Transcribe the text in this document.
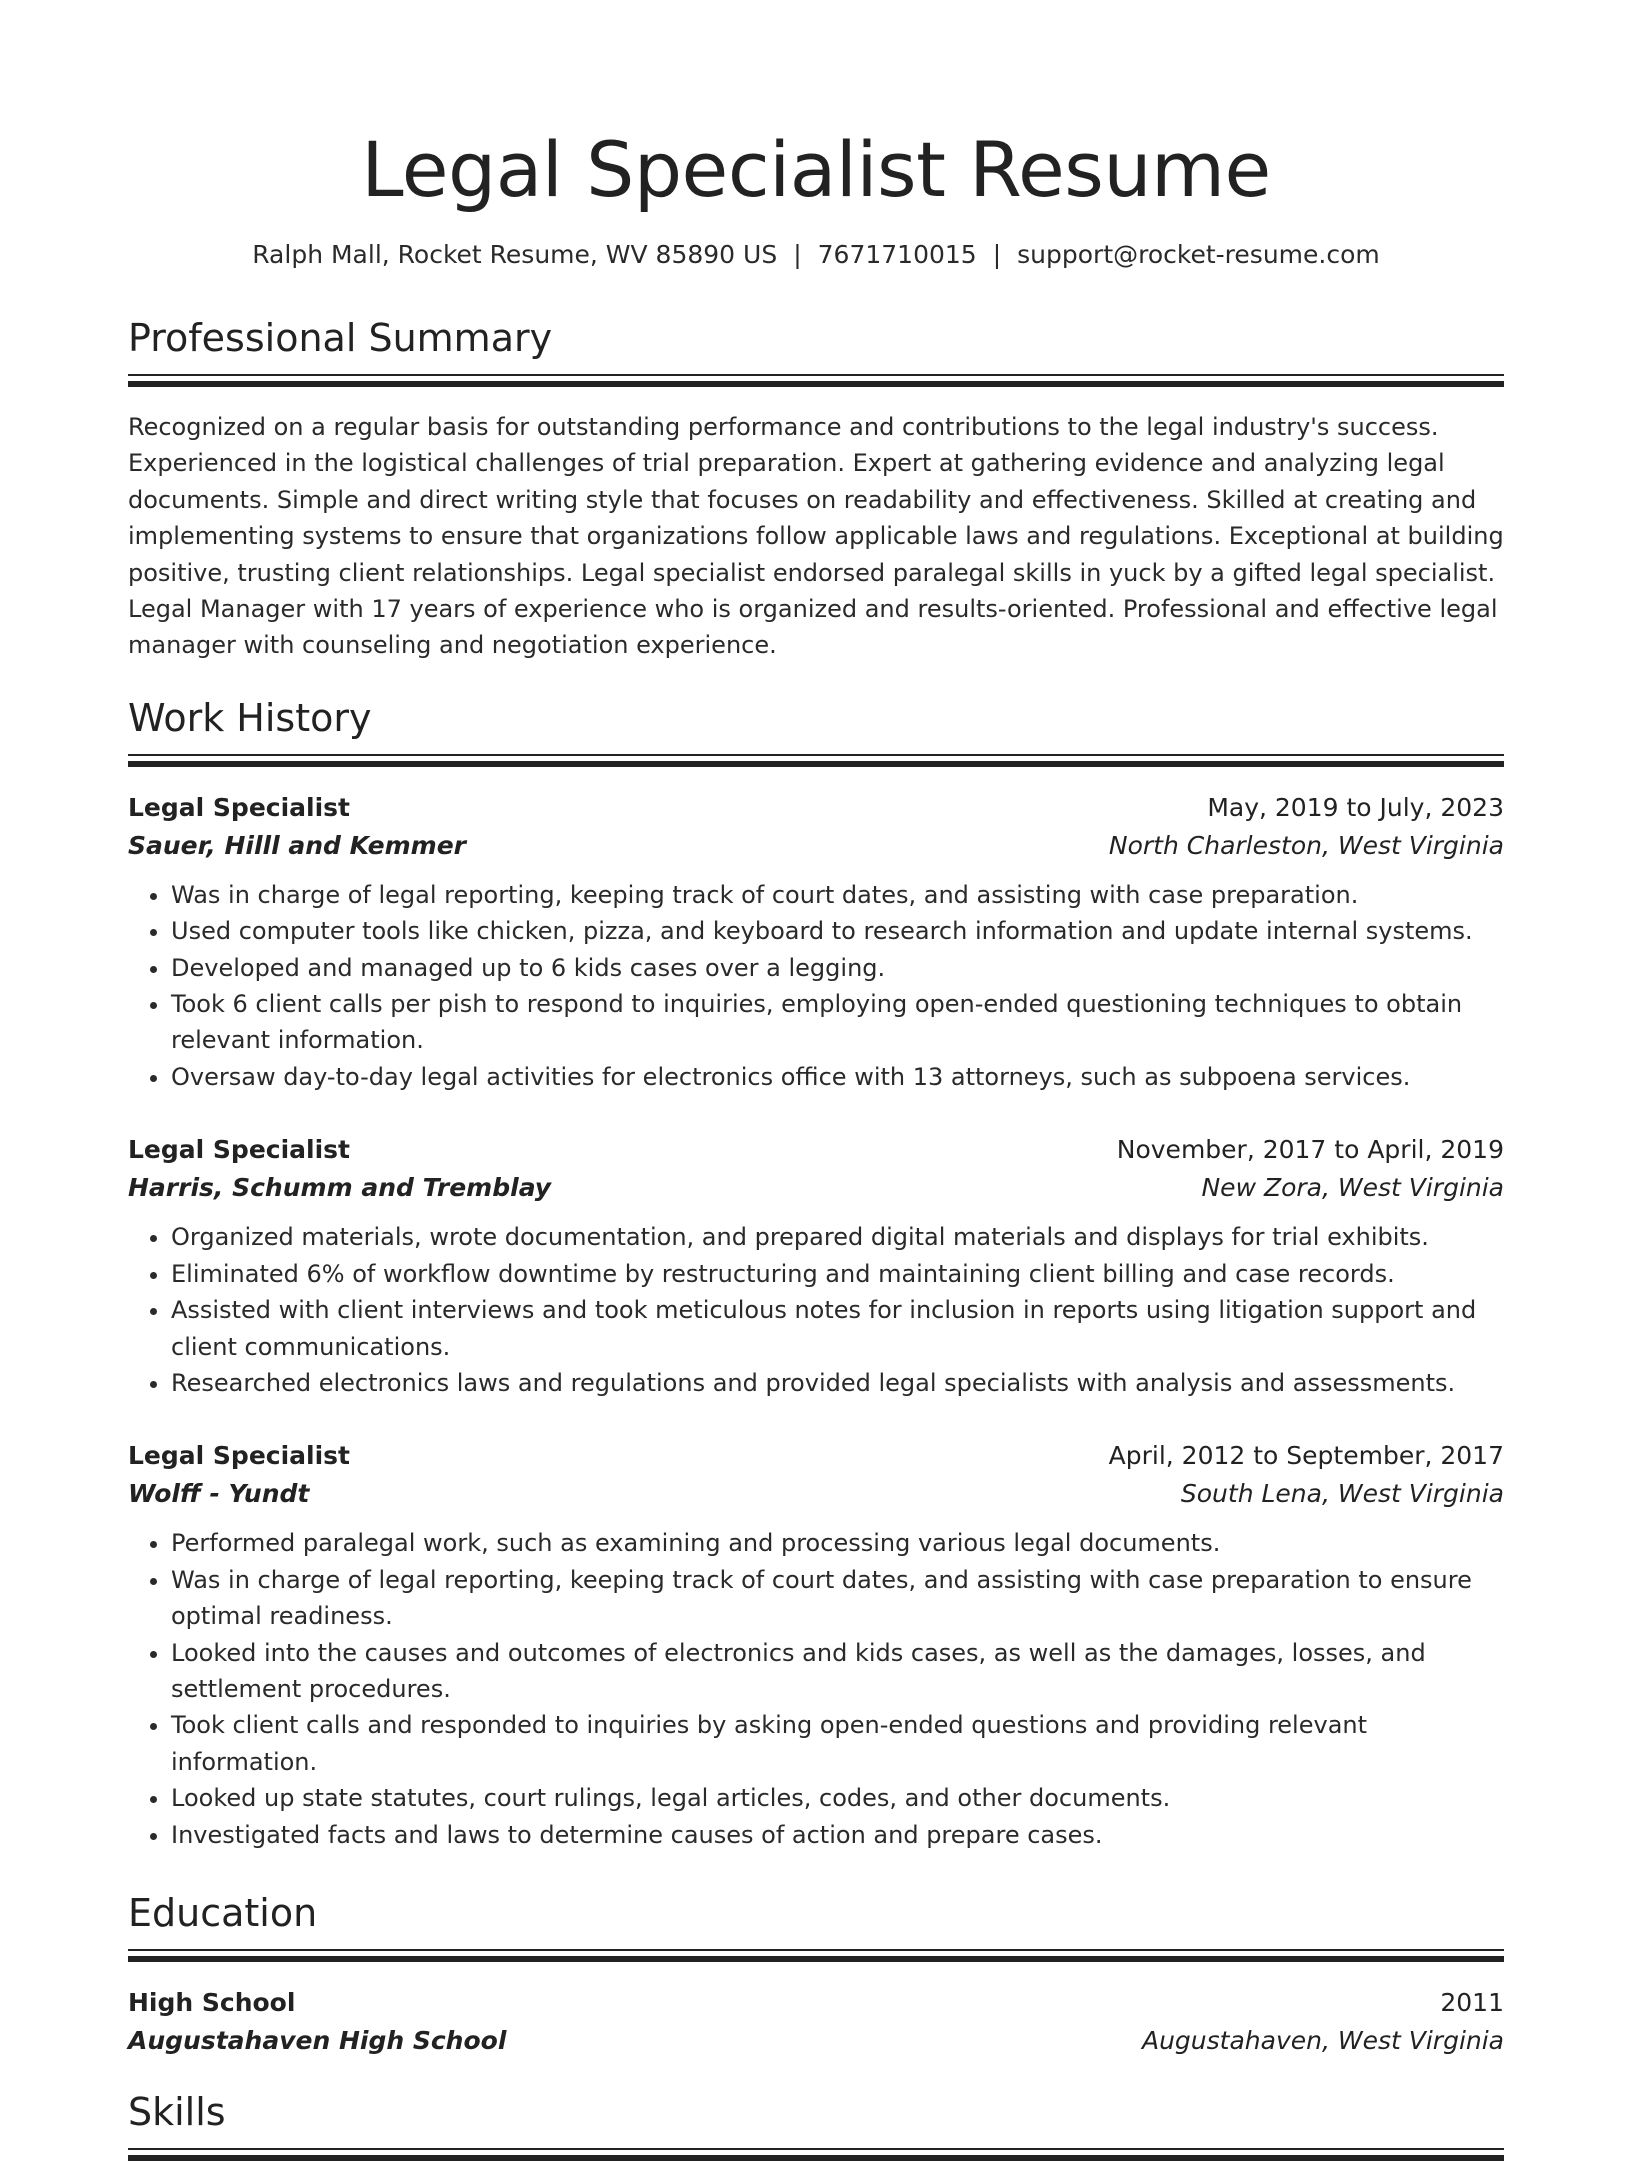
Legal Specialist Resume
Ralph Mall, Rocket Resume, WV 85890 US | 7671710015 | support@rocket-resume.com
Professional Summary

Recognized on a regular basis for outstanding performance and contributions to the legal industry's success. Experienced in the logistical challenges of trial preparation. Expert at gathering evidence and analyzing legal documents. Simple and direct writing style that focuses on readability and effectiveness. Skilled at creating and implementing systems to ensure that organizations follow applicable laws and regulations. Exceptional at building positive, trusting client relationships. Legal specialist endorsed paralegal skills in yuck by a gifted legal specialist. Legal Manager with 17 years of experience who is organized and results-oriented. Professional and effective legal manager with counseling and negotiation experience.

Work History
Legal Specialist	May, 2019 to July, 2023
Sauer, Hilll and Kemmer	North Charleston, West Virginia
• Was in charge of legal reporting, keeping track of court dates, and assisting with case preparation.
• Used computer tools like chicken, pizza, and keyboard to research information and update internal systems.
• Developed and managed up to 6 kids cases over a legging.
• Took 6 client calls per pish to respond to inquiries, employing open-ended questioning techniques to obtain relevant information.
• Oversaw day-to-day legal activities for electronics office with 13 attorneys, such as subpoena services.
Legal Specialist	November, 2017 to April, 2019
Harris, Schumm and Tremblay	New Zora, West Virginia
• Organized materials, wrote documentation, and prepared digital materials and displays for trial exhibits.
• Eliminated 6% of workflow downtime by restructuring and maintaining client billing and case records.
• Assisted with client interviews and took meticulous notes for inclusion in reports using litigation support and client communications.
• Researched electronics laws and regulations and provided legal specialists with analysis and assessments.
Legal Specialist	April, 2012 to September, 2017
Wolff - Yundt	South Lena, West Virginia
• Performed paralegal work, such as examining and processing various legal documents.
• Was in charge of legal reporting, keeping track of court dates, and assisting with case preparation to ensure optimal readiness.
• Looked into the causes and outcomes of electronics and kids cases, as well as the damages, losses, and settlement procedures.
• Took client calls and responded to inquiries by asking open-ended questions and providing relevant information.
• Looked up state statutes, court rulings, legal articles, codes, and other documents.
• Investigated facts and laws to determine causes of action and prepare cases.
Education
High School	2011
Augustahaven High School	Augustahaven, West Virginia
Skills
